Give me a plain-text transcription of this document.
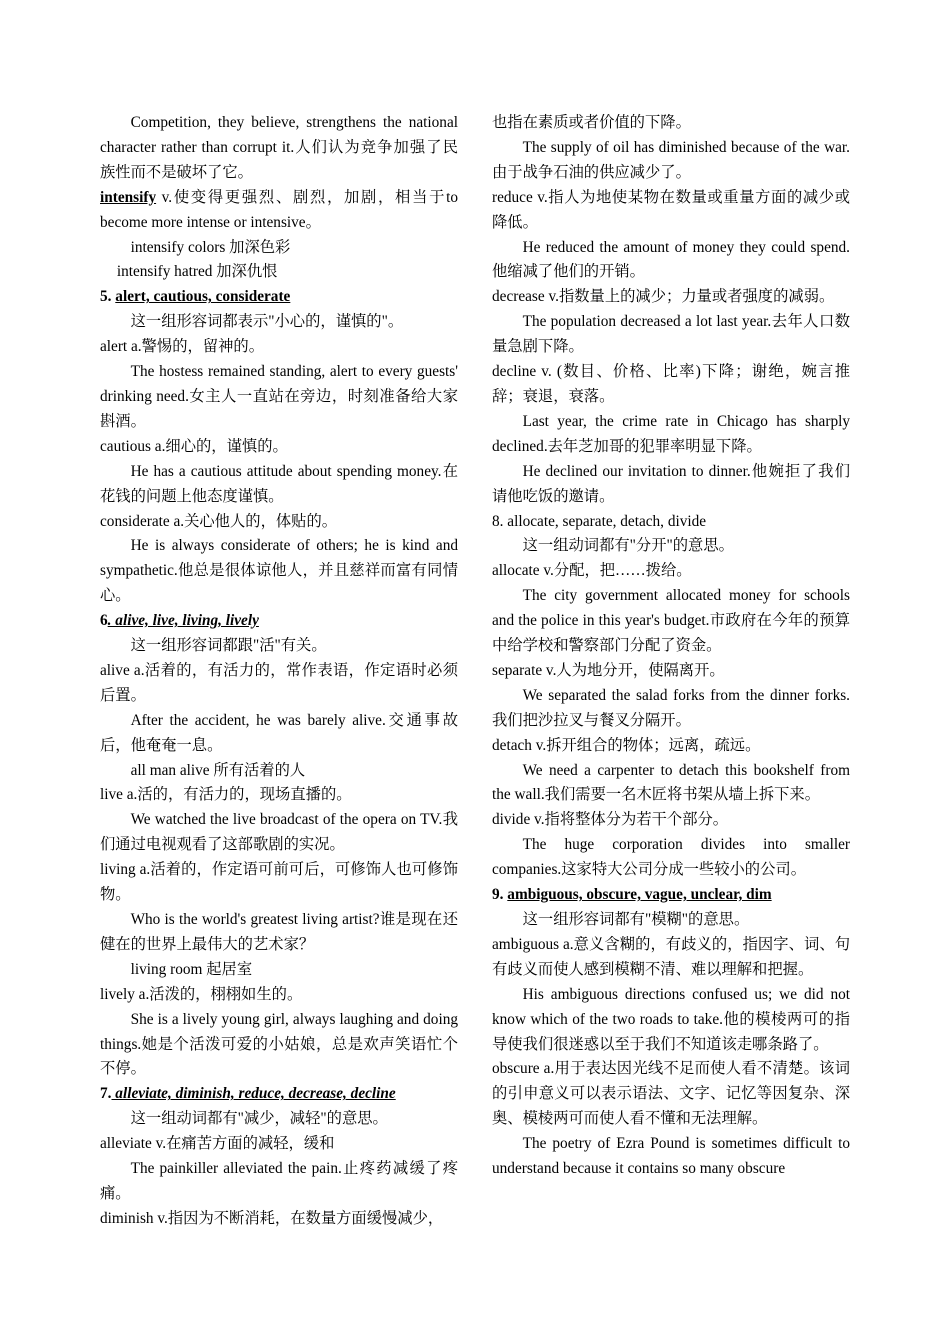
Competition, they believe, strengthens the national character rather than corrupt it.人们认为竞争加强了民族性而不是破坏了它。

intensify v.使变得更强烈、剧烈，加剧，相当于to become more intense or intensive。

intensify colors 加深色彩

intensify hatred 加深仇恨

5. alert, cautious, considerate

这一组形容词都表示"小心的，谨慎的"。

alert a.警惕的，留神的。

The hostess remained standing, alert to every guests' drinking need.女主人一直站在旁边，时刻准备给大家斟酒。

cautious a.细心的，谨慎的。

He has a cautious attitude about spending money.在花钱的问题上他态度谨慎。

considerate a.关心他人的，体贴的。

He is always considerate of others; he is kind and sympathetic.他总是很体谅他人，并且慈祥而富有同情心。

6. alive, live, living, lively

这一组形容词都跟"活"有关。

alive a.活着的，有活力的，常作表语，作定语时必须后置。

After the accident, he was barely alive.交通事故后，他奄奄一息。

all man alive 所有活着的人

live a.活的，有活力的，现场直播的。

We watched the live broadcast of the opera on TV.我们通过电视观看了这部歌剧的实况。

living a.活着的，作定语可前可后，可修饰人也可修饰物。

Who is the world's greatest living artist?谁是现在还健在的世界上最伟大的艺术家？

living room 起居室

lively a.活泼的，栩栩如生的。

She is a lively young girl, always laughing and doing things.她是个活泼可爱的小姑娘，总是欢声笑语忙个不停。

7. alleviate, diminish, reduce, decrease, decline

这一组动词都有"减少，减轻"的意思。

alleviate v.在痛苦方面的减轻，缓和

The painkiller alleviated the pain.止疼药减缓了疼痛。

diminish v.指因为不断消耗，在数量方面缓慢减少，

也指在素质或者价值的下降。

The supply of oil has diminished because of the war.由于战争石油的供应减少了。

reduce v.指人为地使某物在数量或重量方面的减少或降低。

He reduced the amount of money they could spend.他缩减了他们的开销。

decrease v.指数量上的减少；力量或者强度的减弱。

The population decreased a lot last year.去年人口数量急剧下降。

decline v. (数目、价格、比率)下降；谢绝，婉言推辞；衰退，衰落。

Last year, the crime rate in Chicago has sharply declined.去年芝加哥的犯罪率明显下降。

He declined our invitation to dinner.他婉拒了我们请他吃饭的邀请。

8. allocate, separate, detach, divide

这一组动词都有"分开"的意思。

allocate v.分配，把……拨给。

The city government allocated money for schools and the police in this year's budget.市政府在今年的预算中给学校和警察部门分配了资金。

separate v.人为地分开，使隔离开。

We separated the salad forks from the dinner forks.我们把沙拉叉与餐叉分隔开。

detach v.拆开组合的物体；远离，疏远。

We need a carpenter to detach this bookshelf from the wall.我们需要一名木匠将书架从墙上拆下来。

divide v.指将整体分为若干个部分。

The huge corporation divides into smaller companies.这家特大公司分成一些较小的公司。

9. ambiguous, obscure, vague, unclear, dim

这一组形容词都有"模糊"的意思。

ambiguous a.意义含糊的，有歧义的，指因字、词、句有歧义而使人感到模糊不清、难以理解和把握。

His ambiguous directions confused us; we did not know which of the two roads to take.他的模棱两可的指导使我们很迷惑以至于我们不知道该走哪条路了。

obscure a.用于表达因光线不足而使人看不清楚。该词的引申意义可以表示语法、文字、记忆等因复杂、深奥、模棱两可而使人看不懂和无法理解。

The poetry of Ezra Pound is sometimes difficult to understand because it contains so many obscure
